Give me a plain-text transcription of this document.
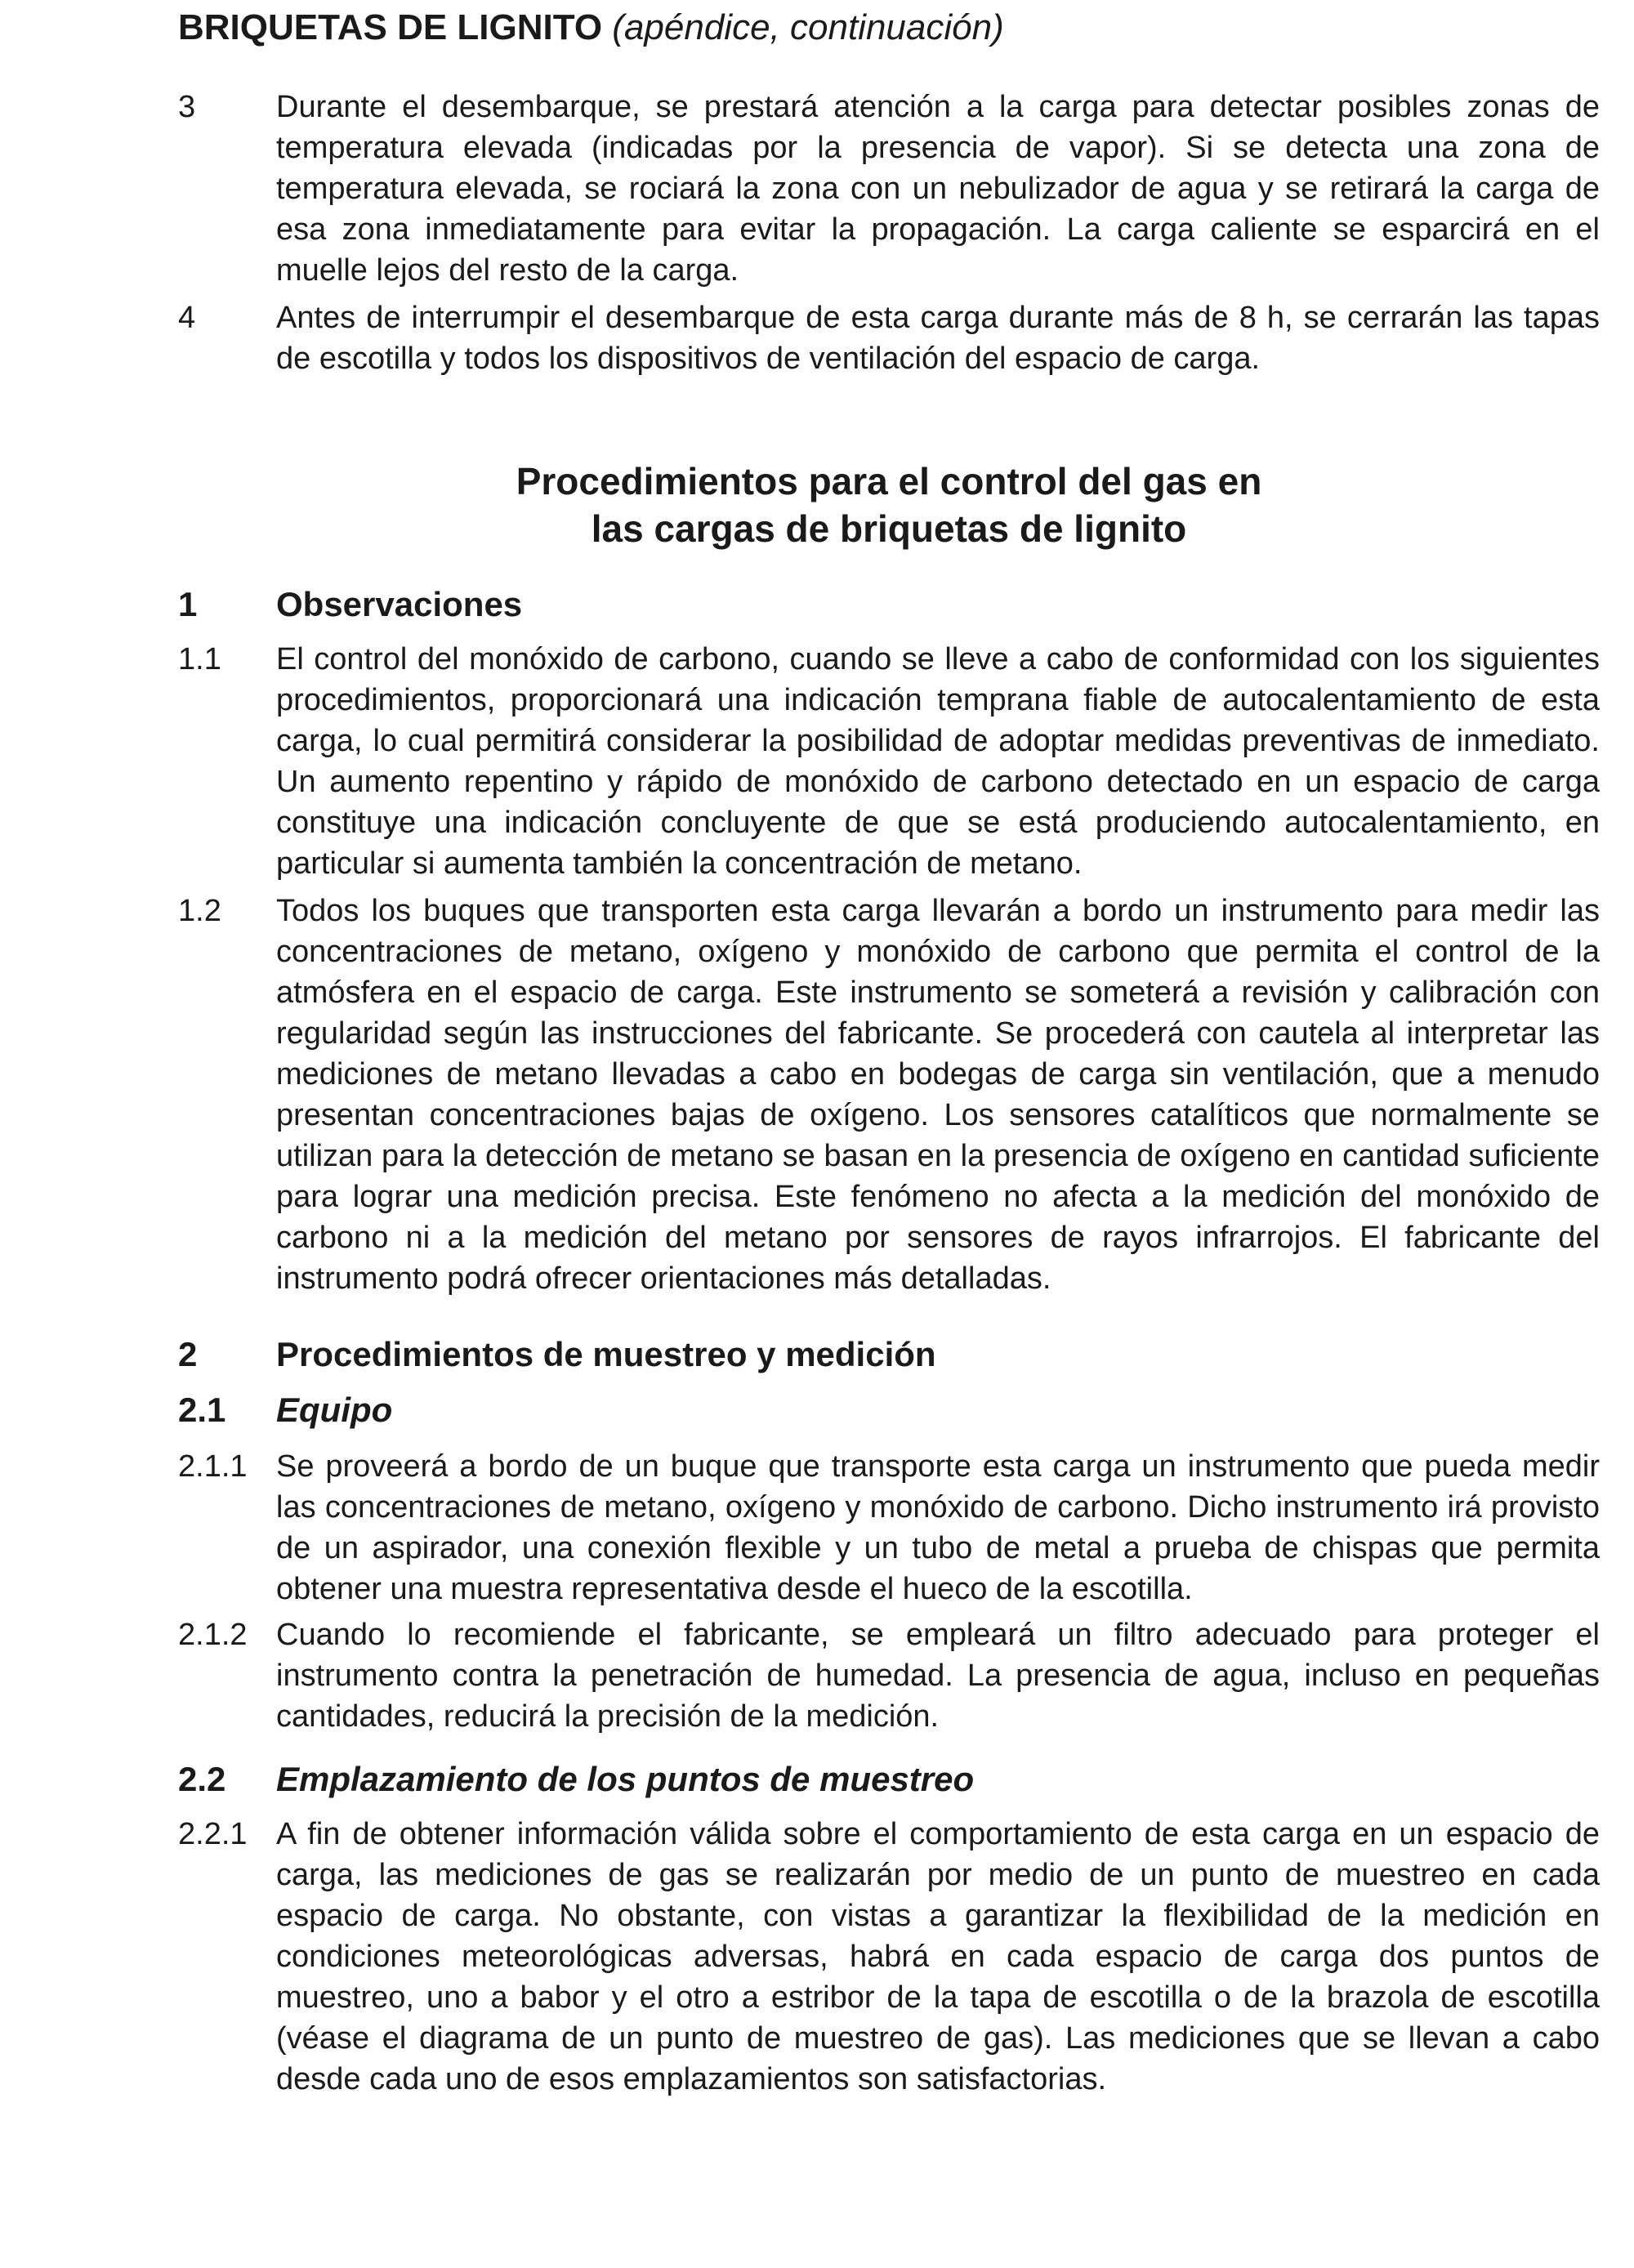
BRIQUETAS DE LIGNITO (apéndice, continuación)
3	Durante el desembarque, se prestará atención a la carga para detectar posibles zonas de temperatura elevada (indicadas por la presencia de vapor). Si se detecta una zona de temperatura elevada, se rociará la zona con un nebulizador de agua y se retirará la carga de esa zona inmediatamente para evitar la propagación. La carga caliente se esparcirá en el muelle lejos del resto de la carga.
4	Antes de interrumpir el desembarque de esta carga durante más de 8 h, se cerrarán las tapas de escotilla y todos los dispositivos de ventilación del espacio de carga.
Procedimientos para el control del gas en
las cargas de briquetas de lignito
1 Observaciones
1.1 El control del monóxido de carbono, cuando se lleve a cabo de conformidad con los siguientes procedimientos, proporcionará una indicación temprana fiable de autocalentamiento de esta carga, lo cual permitirá considerar la posibilidad de adoptar medidas preventivas de inmediato. Un aumento repentino y rápido de monóxido de carbono detectado en un espacio de carga constituye una indicación concluyente de que se está produciendo autocalentamiento, en particular si aumenta también la concentración de metano.
1.2 Todos los buques que transporten esta carga llevarán a bordo un instrumento para medir las concentraciones de metano, oxígeno y monóxido de carbono que permita el control de la atmósfera en el espacio de carga. Este instrumento se someterá a revisión y calibración con regularidad según las instrucciones del fabricante. Se procederá con cautela al interpretar las mediciones de metano llevadas a cabo en bodegas de carga sin ventilación, que a menudo presentan concentraciones bajas de oxígeno. Los sensores catalíticos que normalmente se utilizan para la detección de metano se basan en la presencia de oxígeno en cantidad suficiente para lograr una medición precisa. Este fenómeno no afecta a la medición del monóxido de carbono ni a la medición del metano por sensores de rayos infrarrojos. El fabricante del instrumento podrá ofrecer orientaciones más detalladas.
2 Procedimientos de muestreo y medición
2.1 Equipo
2.1.1 Se proveerá a bordo de un buque que transporte esta carga un instrumento que pueda medir las concentraciones de metano, oxígeno y monóxido de carbono. Dicho instrumento irá provisto de un aspirador, una conexión flexible y un tubo de metal a prueba de chispas que permita obtener una muestra representativa desde el hueco de la escotilla.
2.1.2 Cuando lo recomiende el fabricante, se empleará un filtro adecuado para proteger el instrumento contra la penetración de humedad. La presencia de agua, incluso en pequeñas cantidades, reducirá la precisión de la medición.
2.2 Emplazamiento de los puntos de muestreo
2.2.1 A fin de obtener información válida sobre el comportamiento de esta carga en un espacio de carga, las mediciones de gas se realizarán por medio de un punto de muestreo en cada espacio de carga. No obstante, con vistas a garantizar la flexibilidad de la medición en condiciones meteorológicas adversas, habrá en cada espacio de carga dos puntos de muestreo, uno a babor y el otro a estribor de la tapa de escotilla o de la brazola de escotilla (véase el diagrama de un punto de muestreo de gas). Las mediciones que se llevan a cabo desde cada uno de esos emplazamientos son satisfactorias.
